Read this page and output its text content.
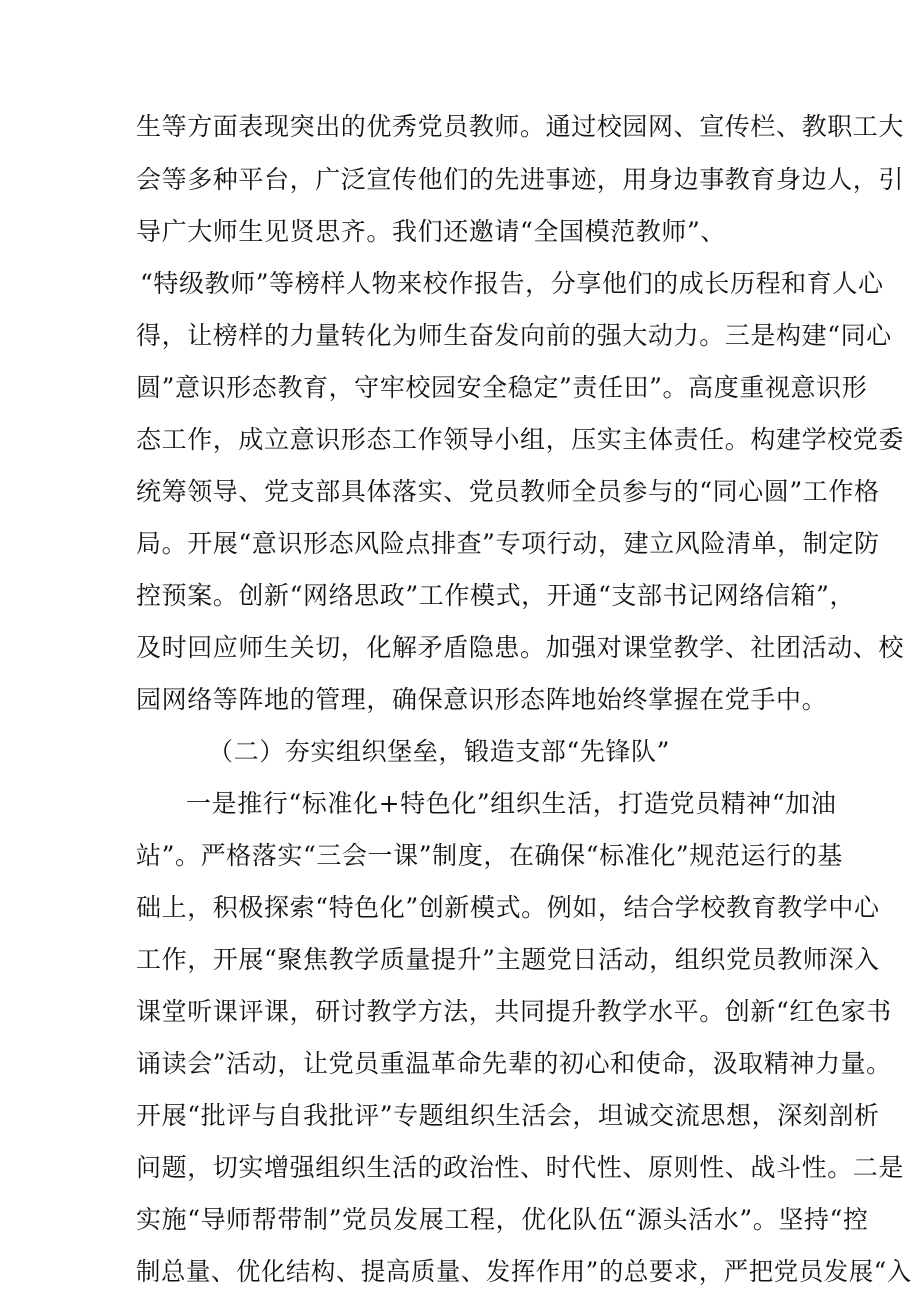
生等方面表现突出的优秀党员教师。通过校园网、宣传栏、教职工大
会等多种平台，广泛宣传他们的先进事迹，用身边事教育身边人，引
导广大师生见贤思齐。我们还邀请“全国模范教师”、
“特级教师”等榜样人物来校作报告，分享他们的成长历程和育人心
得，让榜样的力量转化为师生奋发向前的强大动力。三是构建“同心
圆”意识形态教育，守牢校园安全稳定”责任田”。高度重视意识形
态工作，成立意识形态工作领导小组，压实主体责任。构建学校党委
统筹领导、党支部具体落实、党员教师全员参与的“同心圆”工作格
局。开展“意识形态风险点排查”专项行动，建立风险清单，制定防
控预案。创新“网络思政”工作模式，开通“支部书记网络信箱”，
及时回应师生关切，化解矛盾隐患。加强对课堂教学、社团活动、校
园网络等阵地的管理，确保意识形态阵地始终掌握在党手中。
（二）夯实组织堡垒，锻造支部“先锋队”
一是推行“标准化+特色化”组织生活，打造党员精神“加油
站”。严格落实“三会一课”制度，在确保“标准化”规范运行的基
础上，积极探索“特色化”创新模式。例如，结合学校教育教学中心
工作，开展“聚焦教学质量提升”主题党日活动，组织党员教师深入
课堂听课评课，研讨教学方法，共同提升教学水平。创新“红色家书
诵读会”活动，让党员重温革命先辈的初心和使命，汲取精神力量。
开展“批评与自我批评”专题组织生活会，坦诚交流思想，深刻剖析
问题，切实增强组织生活的政治性、时代性、原则性、战斗性。二是
实施“导师帮带制”党员发展工程，优化队伍“源头活水”。坚持“控
制总量、优化结构、提高质量、发挥作用”的总要求，严把党员发展“入
